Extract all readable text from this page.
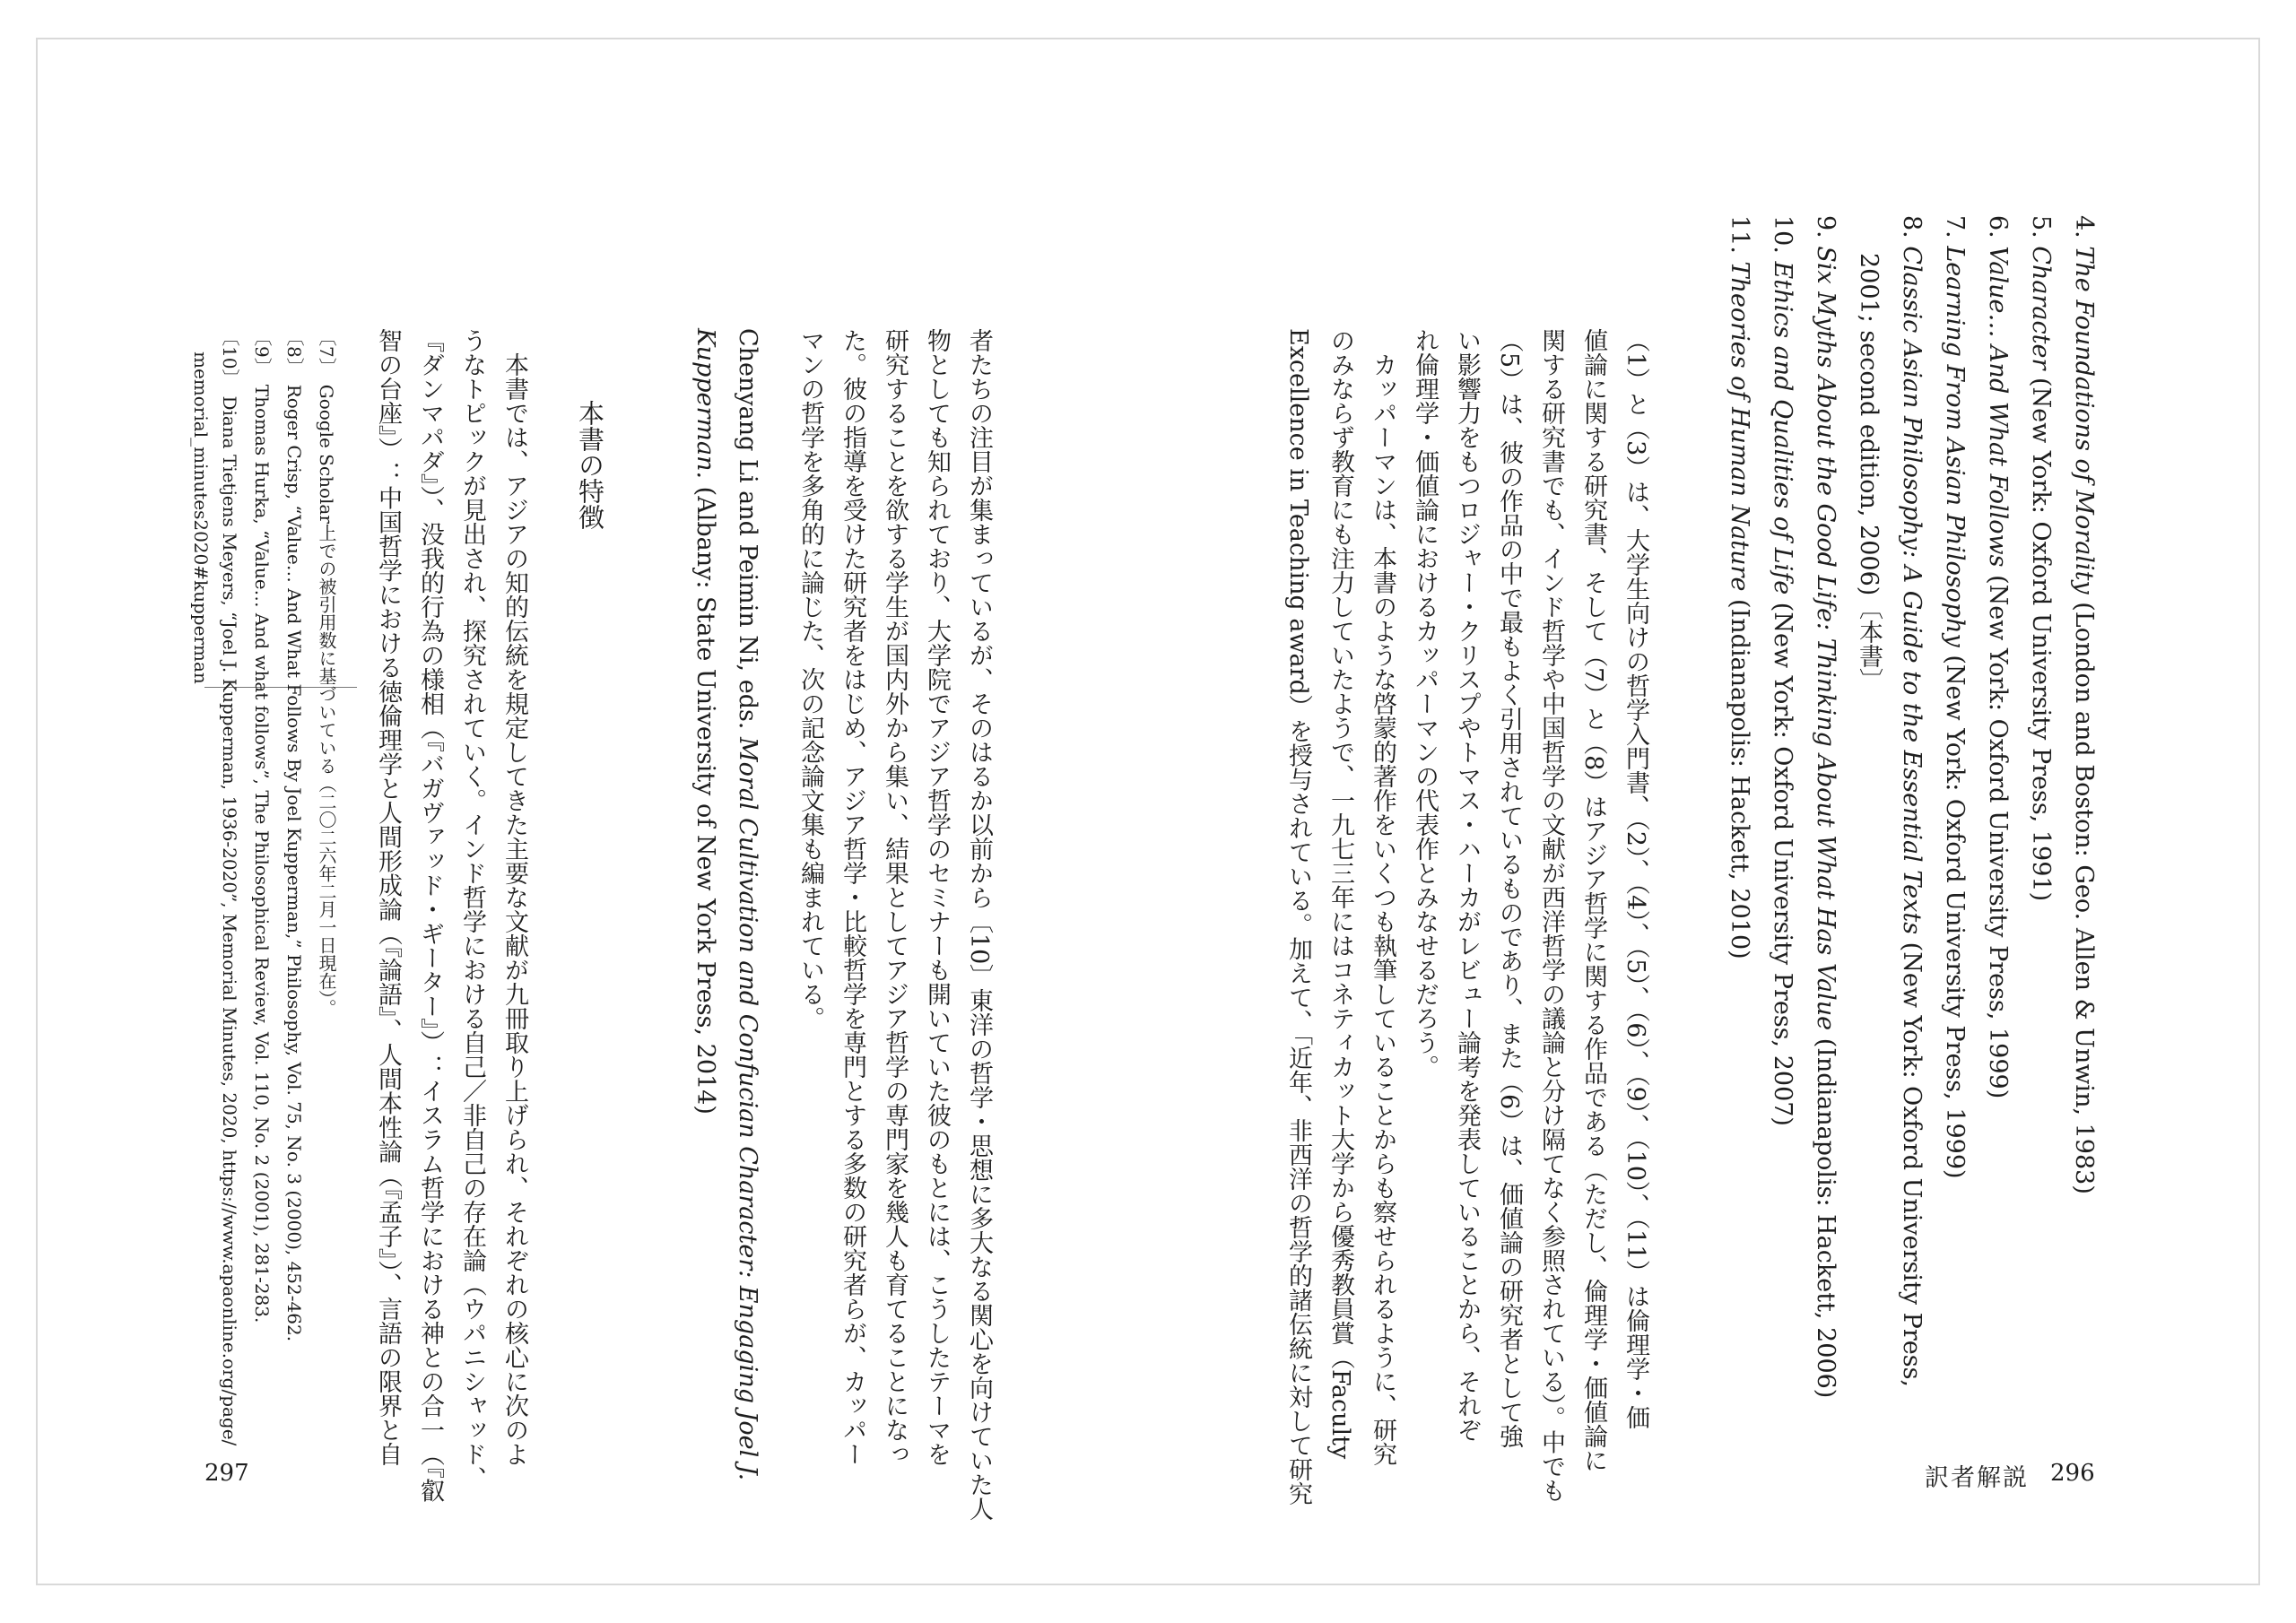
4. The Foundations of Morality (London and Boston: Geo. Allen & Unwin, 1983)
5. Character (New York: Oxford University Press, 1991)
6. Value… And What Follows (New York: Oxford University Press, 1999)
7. Learning From Asian Philosophy (New York: Oxford University Press, 1999)
8. Classic Asian Philosophy: A Guide to the Essential Texts (New York: Oxford University Press,
2001; second edition, 2006)〔本書〕
9. Six Myths About the Good Life: Thinking About What Has Value (Indianapolis: Hackett, 2006)
10. Ethics and Qualities of Life (New York: Oxford University Press, 2007)
11. Theories of Human Nature (Indianapolis: Hackett, 2010)
（1）と（3）は、大学生向けの哲学入門書、（2）、（4）、（5）、（6）、（9）、（10）、（11）は倫理学・価
値論に関する研究書、そして（7）と（8）はアジア哲学に関する作品である（ただし、倫理学・価値論に
関する研究書でも、インド哲学や中国哲学の文献が西洋哲学の議論と分け隔てなく参照されている）。中でも
（5）は、彼の作品の中で最もよく引用されているものであり、また（6）は、価値論の研究者として強
い影響力をもつロジャー・クリスプやトマス・ハーカがレビュー論考を発表していることから、それぞ
れ倫理学・価値論におけるカッパーマンの代表作とみなせるだろう。
　カッパーマンは、本書のような啓蒙的著作をいくつも執筆していることからも察せられるように、研究
のみならず教育にも注力していたようで、一九七三年にはコネティカット大学から優秀教員賞（Faculty
Excellence in Teaching award）を授与されている。加えて、「近年、非西洋の哲学的諸伝統に対して研究	訳者解説 296
者たちの注目が集まっているが、そのはるか以前から〔10〕東洋の哲学・思想に多大なる関心を向けていた人
物としても知られており、大学院でアジア哲学のセミナーも開いていた彼のもとには、こうしたテーマを
研究することを欲する学生が国内外から集い、結果としてアジア哲学の専門家を幾人も育てることになっ
た。彼の指導を受けた研究者をはじめ、アジア哲学・比較哲学を専門とする多数の研究者らが、カッパー
マンの哲学を多角的に論じた、次の記念論文集も編まれている。
Chenyang Li and Peimin Ni, eds. Moral Cultivation and Confucian Character: Engaging Joel J.
Kupperman. (Albany: State University of New York Press, 2014)
本書の特徴
　本書では、アジアの知的伝統を規定してきた主要な文献が九冊取り上げられ、それぞれの核心に次のよ
うなトピックが見出され、探究されていく。インド哲学における自己／非自己の存在論（ウパニシャッド、
『ダンマパダ』）、没我的行為の様相（『バガヴァッド・ギーター』）：イスラム哲学における神との合一（『叡
智の台座』）：中国哲学における徳倫理学と人間形成論（『論語』、人間本性論（『孟子』）、言語の限界と自
〔7〕　Google Scholar上での被引用数に基づいている（二〇二六年二月一日現在）。
〔8〕　Roger Crisp, “Value… And What Follows By Joel Kupperman,” Philosophy, Vol. 75, No. 3 (2000), 452-462.
〔9〕　Thomas Hurka, “Value… And what follows”, The Philosophical Review, Vol. 110, No. 2 (2001), 281-283.
〔10〕　Diana Tietjens Meyers, “Joel J. Kupperman, 1936-2020”, Memorial Minutes, 2020, https://www.apaonline.org/page/
memorial_minutes2020#kupperman
297
